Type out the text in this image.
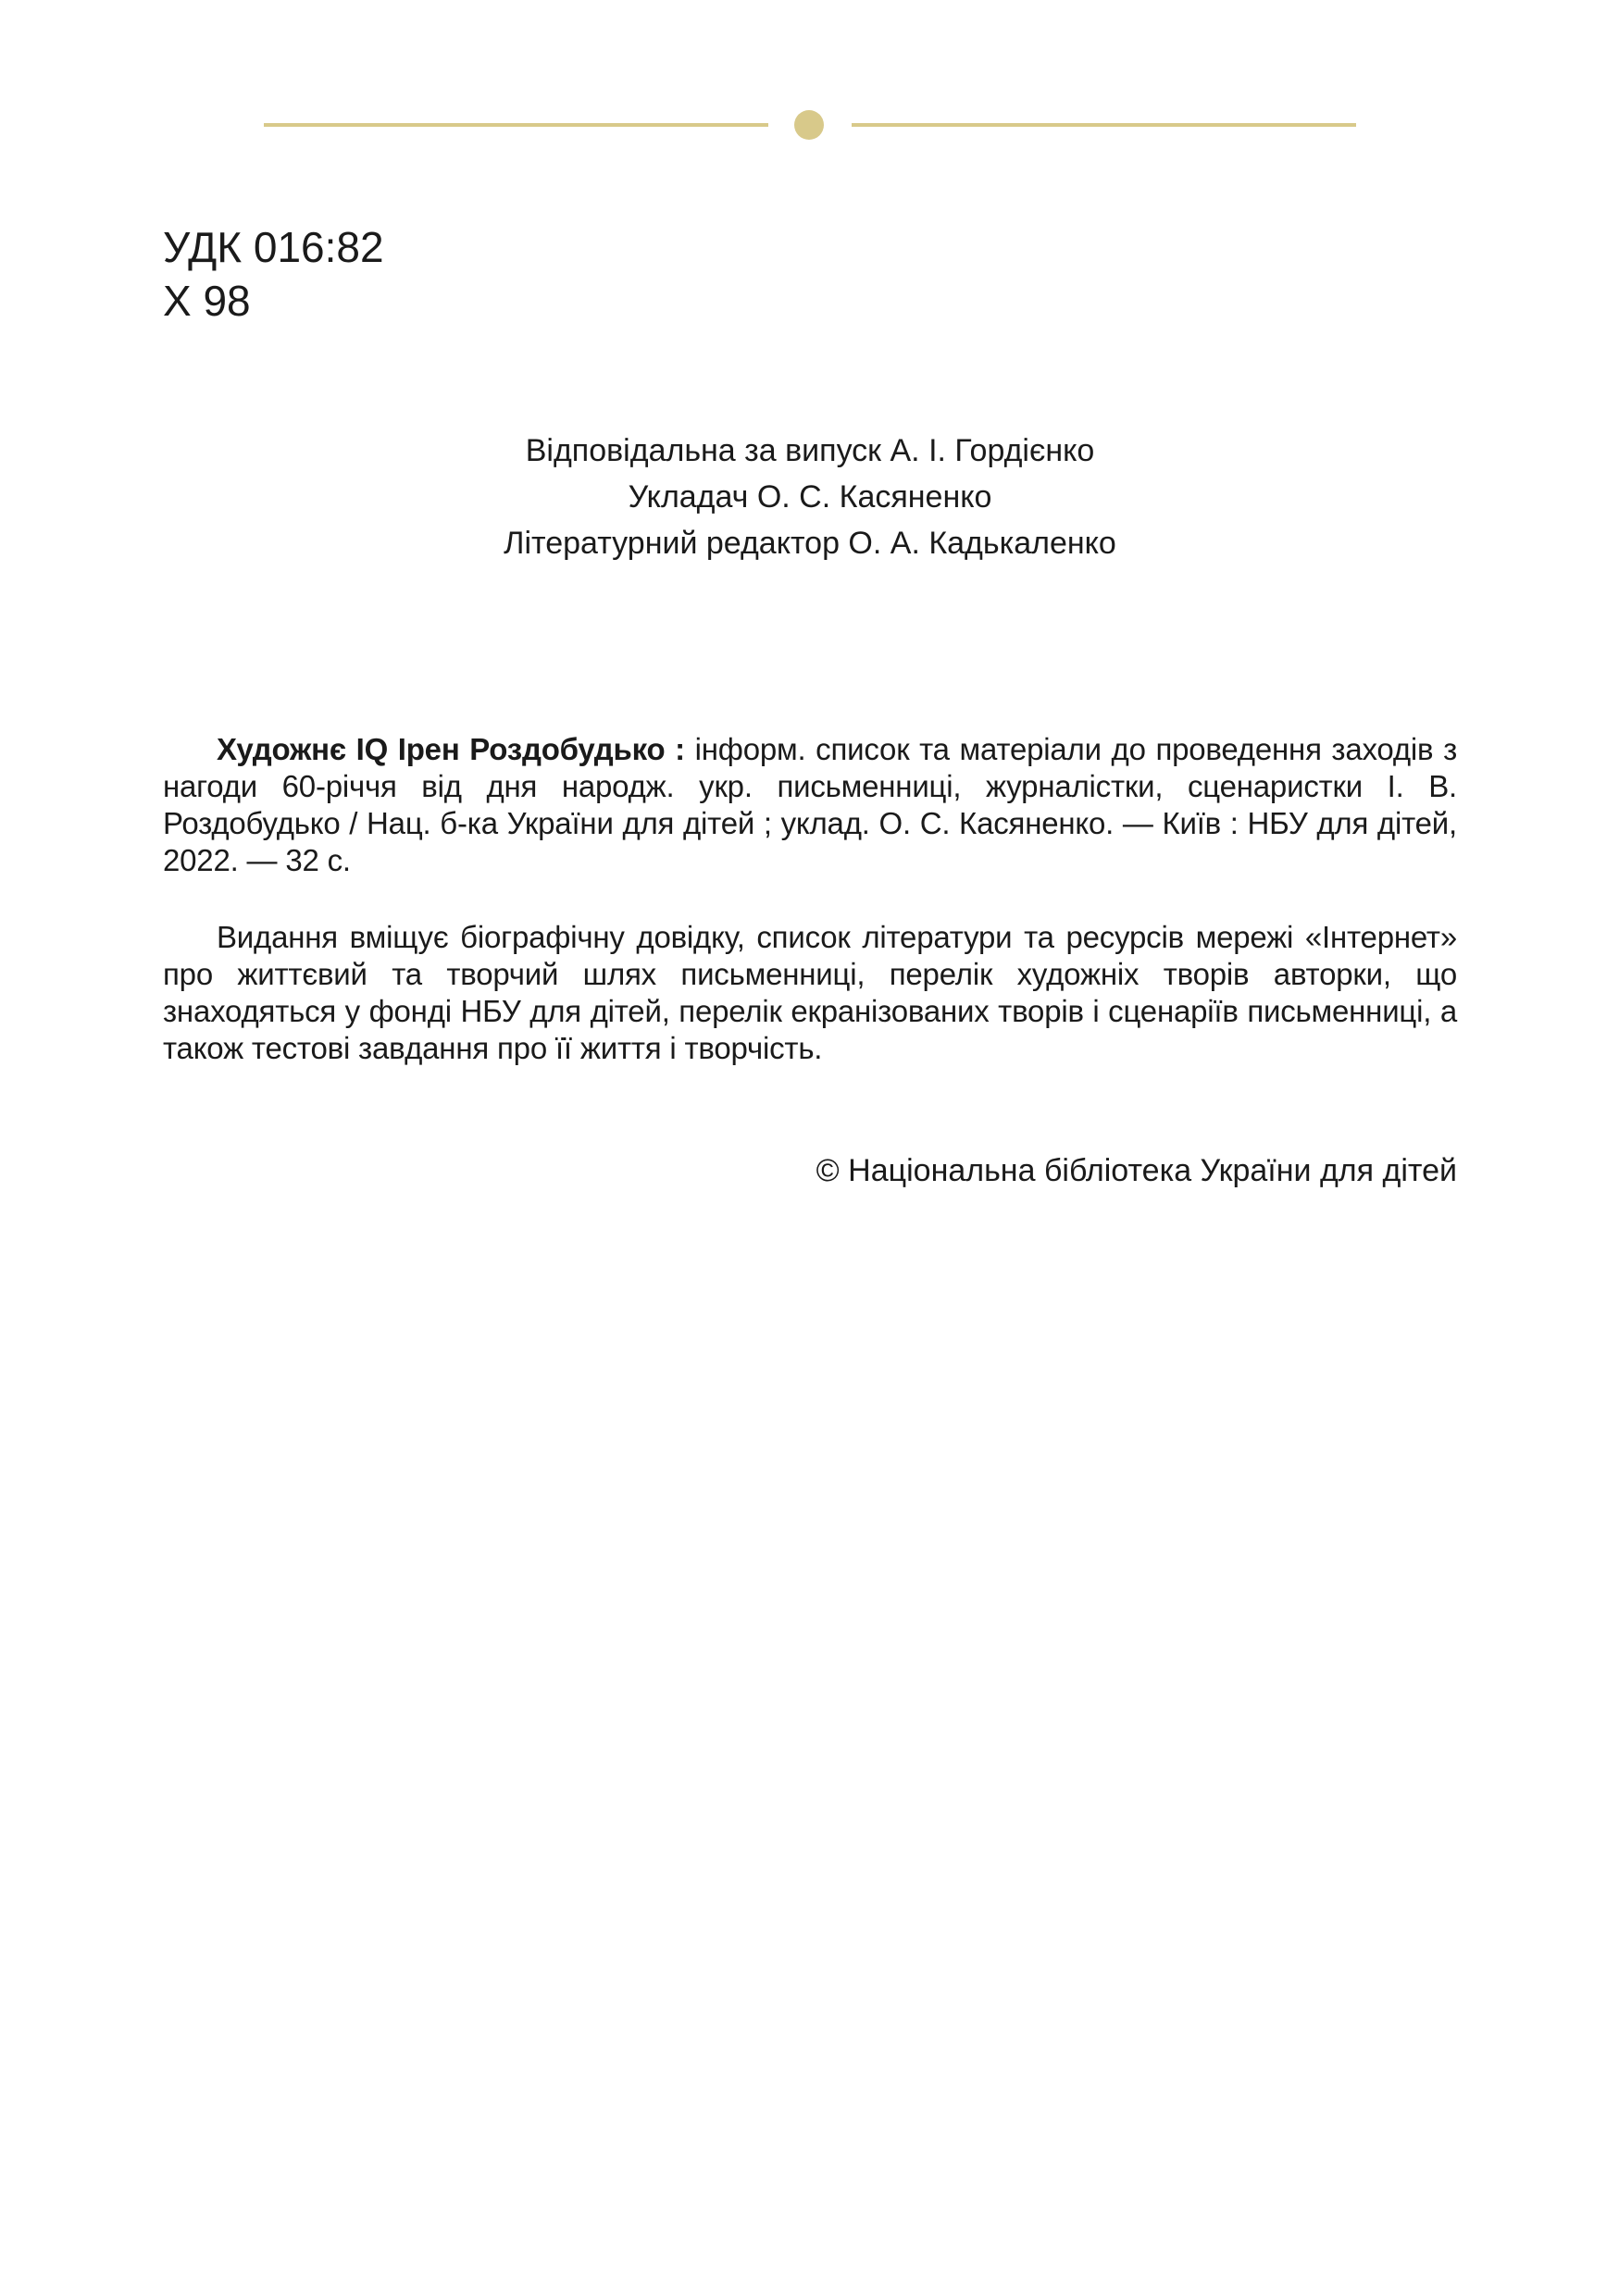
УДК 016:82
Х 98
Відповідальна за випуск А. І. Гордієнко
Укладач О. С. Касяненко
Літературний редактор О. А. Кадькаленко
Художнє IQ Ірен Роздобудько : інформ. список та матеріали до проведення заходів з нагоди 60-річчя від дня народж. укр. письменниці, журналістки, сценаристки І. В. Роздобудько / Нац. б-ка України для дітей ; уклад. О. С. Касяненко. — Київ : НБУ для дітей, 2022. — 32 с.
Видання вміщує біографічну довідку, список літератури та ресурсів мережі «Інтернет» про життєвий та творчий шлях письменниці, перелік художніх творів авторки, що знаходяться у фонді НБУ для дітей, перелік екранізованих творів і сценаріїв письменниці, а також тестові завдання про її життя і творчість.
© Національна бібліотека України для дітей
